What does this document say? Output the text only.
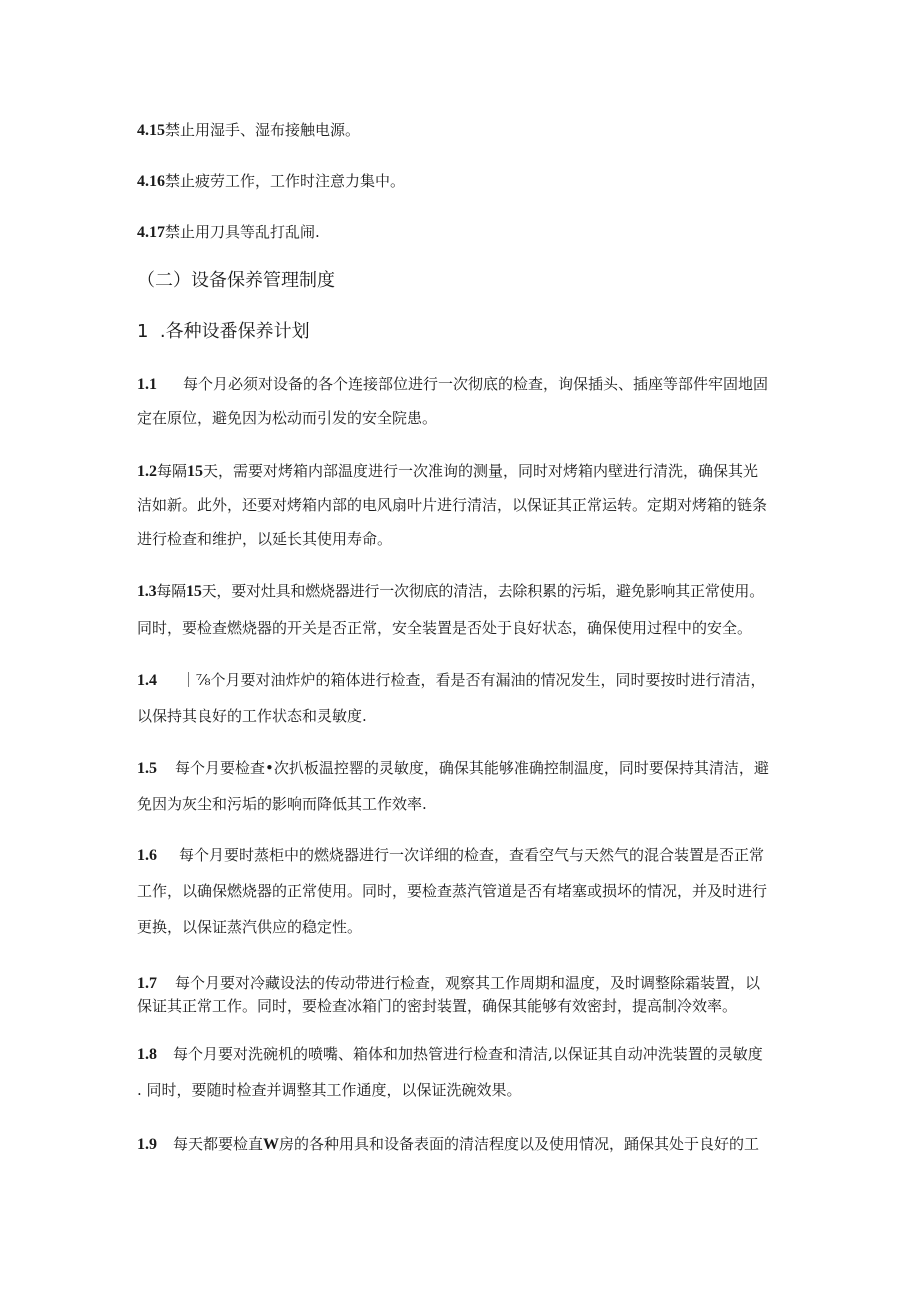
4.15禁止用湿手、湿布接触电源。
4.16禁止疲劳工作，工作时注意力集中。
4.17禁止用刀具等乱打乱闹.
（二）设备保养管理制度
1  .各种设番保养计划
1.1 每个月必须对设备的各个连接部位进行一次彻底的检查，询保插头、插座等部件牢固地固
定在原位，避免因为松动而引发的安全院患。
1.2每隔15天，需要对烤箱内部温度进行一次准询的测量，同时对烤箱内壁进行清洗，确保其光
洁如新。此外，还要对烤箱内部的电风扇叶片进行清洁，以保证其正常运转。定期对烤箱的链条
进行检查和维护，以延长其使用寿命。
1.3每隔15天，要对灶具和燃烧器进行一次彻底的清洁，去除积累的污垢，避免影响其正常使用。
同时，要检查燃烧器的开关是否正常，安全装置是否处于良好状态，确保使用过程中的安全。
1.4 ｜⅞个月要对油炸炉的箱体进行检查，看是否有漏油的情况发生，同时要按时进行清洁，
以保持其良好的工作状态和灵敏度.
1.5 每个月要检查•次扒板温控罂的灵敏度，确保其能够准确控制温度，同时要保持其清洁，避
免因为灰尘和污垢的影响而降低其工作效率.
1.6 每个月要时蒸柜中的燃烧器进行一次详细的检查，查看空气与天然气的混合装置是否正常
工作，以确保燃烧器的正常使用。同时，要检查蒸汽管道是否有堵塞或损坏的情况，并及时进行
更换，以保证蒸汽供应的稳定性。
1.7 每个月要对冷藏设法的传动带进行检查，观察其工作周期和温度，及时调整除霜装置，以
保证其正常工作。同时，要检查冰箱门的密封装置，确保其能够有效密封，提高制冷效率。
1.8 每个月要对洗碗机的喷嘴、箱体和加热管进行检查和清洁,以保证其自动冲洗装置的灵敏度
. 同时，要随时检查并调整其工作通度，以保证洗碗效果。
1.9 每天都要检直W房的各种用具和设备表面的清洁程度以及使用情况，踊保其处于良好的工
